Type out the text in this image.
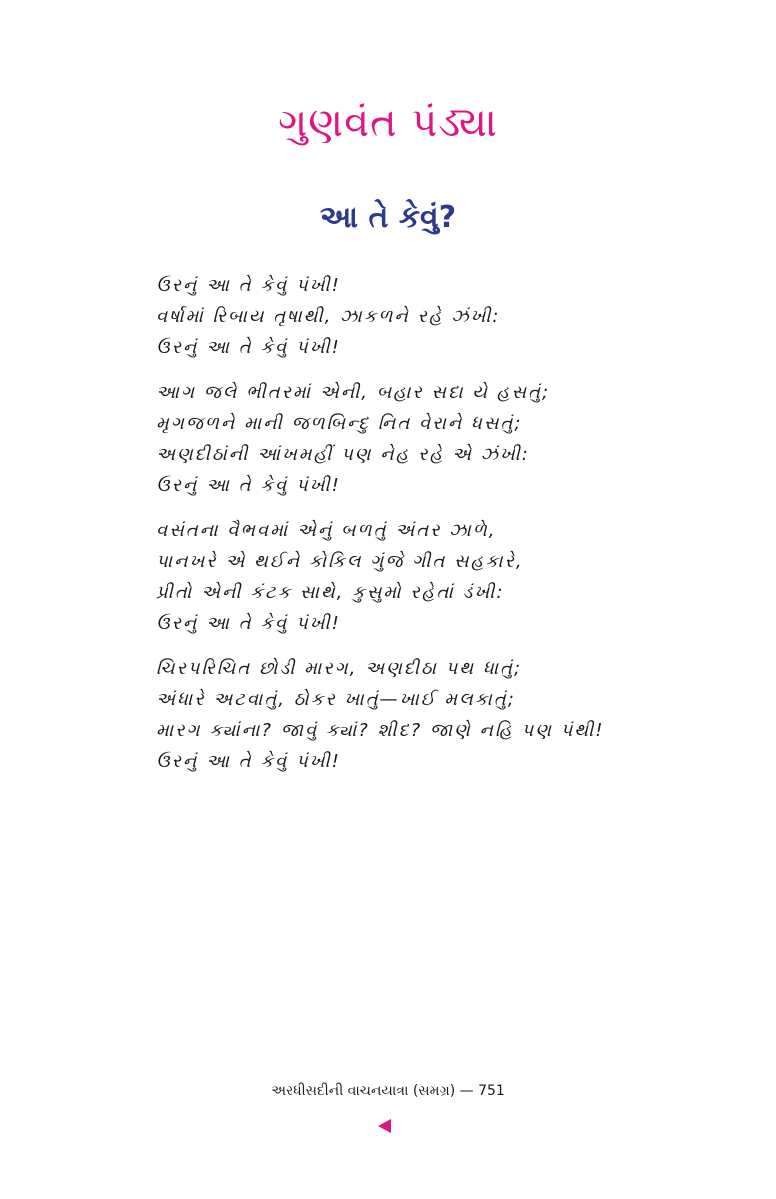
ગુણવંત પંડ્યા
આ તે કેવું?
ઉરનું આ તે કેવું પંખી!
વર્ષામાં રિબાય તૃષાથી, ઝાકળને રહે ઝંખી:
ઉરનું આ તે કેવું પંખી!
આગ જલે ભીતરમાં એની, બહાર સદા યે હસતું;
મૃગજળને માની જળબિન્દુ નિત વેરાને ધસતું;
અણદીઠાંની આંખમહીં પણ નેહ રહે એ ઝંખી:
ઉરનું આ તે કેવું પંખી!
વસંતના વૈભવમાં એનું બળતું અંતર ઝાળે,
પાનખરે એ થઈને કોકિલ ગુંજે ગીત સહકારે,
પ્રીતો એની કંટક સાથે, કુસુમો રહેતાં ડંખી:
ઉરનું આ તે કેવું પંખી!
ચિરપરિચિત છોડી મારગ, અણદીઠા પથ ધાતું;
અંધારે અટવાતું, ઠોકર ખાતું—ખાઈ મલકાતું;
મારગ ક્યાંના? જાવું ક્યાં? શીદ? જાણે નહિ પણ પંથી!
ઉરનું આ તે કેવું પંખી!
અરધીસદીની વાચનયાત્રા (સમગ્ર) — 751
